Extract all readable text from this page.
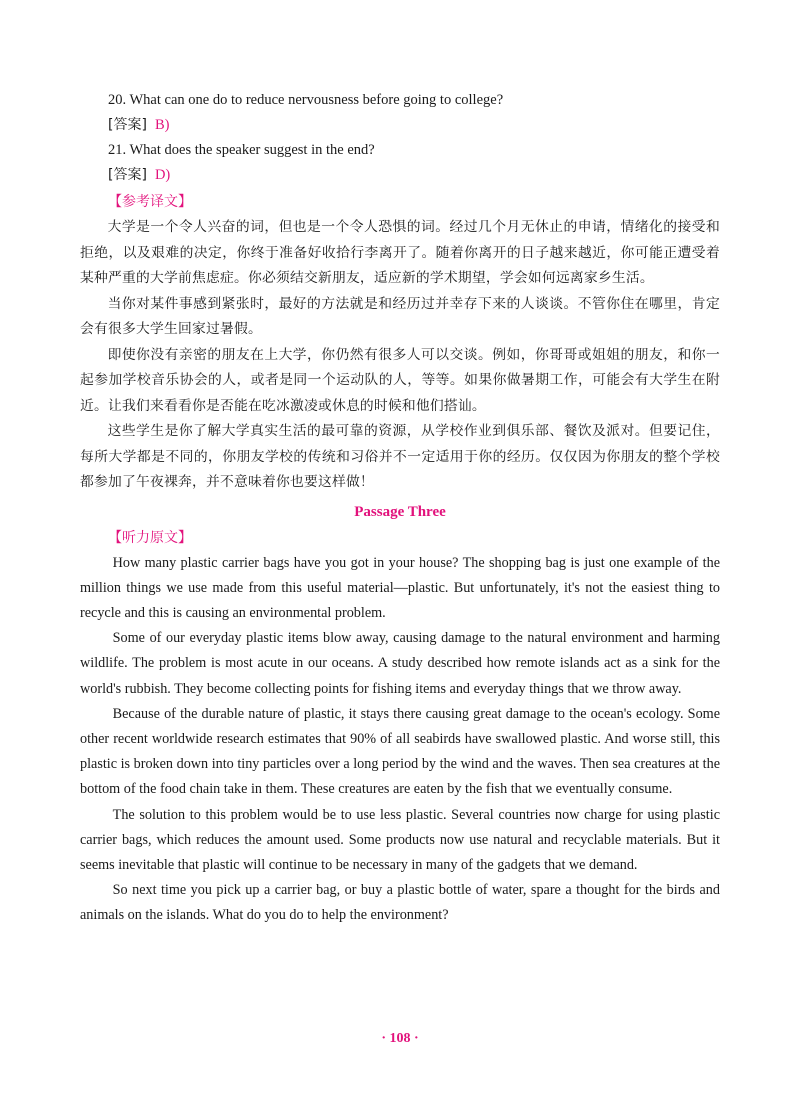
20. What can one do to reduce nervousness before going to college?

[答案] B)

21. What does the speaker suggest in the end?

[答案] D)

【参考译文】

大学是一个令人兴奋的词，但也是一个令人恐惧的词。经过几个月无休止的申请，情绪化的接受和拒绝，以及艰难的决定，你终于准备好收拾行李离开了。随着你离开的日子越来越近，你可能正遭受着某种严重的大学前焦虑症。你必须结交新朋友，适应新的学术期望，学会如何远离家乡生活。

当你对某件事感到紧张时，最好的方法就是和经历过并幸存下来的人谈谈。不管你住在哪里，肯定会有很多大学生回家过暑假。

即使你没有亲密的朋友在上大学，你仍然有很多人可以交谈。例如，你哥哥或姐姐的朋友，和你一起参加学校音乐协会的人，或者是同一个运动队的人，等等。如果你做暑期工作，可能会有大学生在附近。让我们来看看你是否能在吃冰激凌或休息的时候和他们搭讪。

这些学生是你了解大学真实生活的最可靠的资源，从学校作业到俱乐部、餐饮及派对。但要记住，每所大学都是不同的，你朋友学校的传统和习俗并不一定适用于你的经历。仅仅因为你朋友的整个学校都参加了午夜裸奔，并不意味着你也要这样做！

Passage Three

【听力原文】

How many plastic carrier bags have you got in your house? The shopping bag is just one example of the million things we use made from this useful material—plastic. But unfortunately, it's not the easiest thing to recycle and this is causing an environmental problem.

Some of our everyday plastic items blow away, causing damage to the natural environment and harming wildlife. The problem is most acute in our oceans. A study described how remote islands act as a sink for the world's rubbish. They become collecting points for fishing items and everyday things that we throw away.

Because of the durable nature of plastic, it stays there causing great damage to the ocean's ecology. Some other recent worldwide research estimates that 90% of all seabirds have swallowed plastic. And worse still, this plastic is broken down into tiny particles over a long period by the wind and the waves. Then sea creatures at the bottom of the food chain take in them. These creatures are eaten by the fish that we eventually consume.

The solution to this problem would be to use less plastic. Several countries now charge for using plastic carrier bags, which reduces the amount used. Some products now use natural and recyclable materials. But it seems inevitable that plastic will continue to be necessary in many of the gadgets that we demand.

So next time you pick up a carrier bag, or buy a plastic bottle of water, spare a thought for the birds and animals on the islands. What do you do to help the environment?

· 108 ·
